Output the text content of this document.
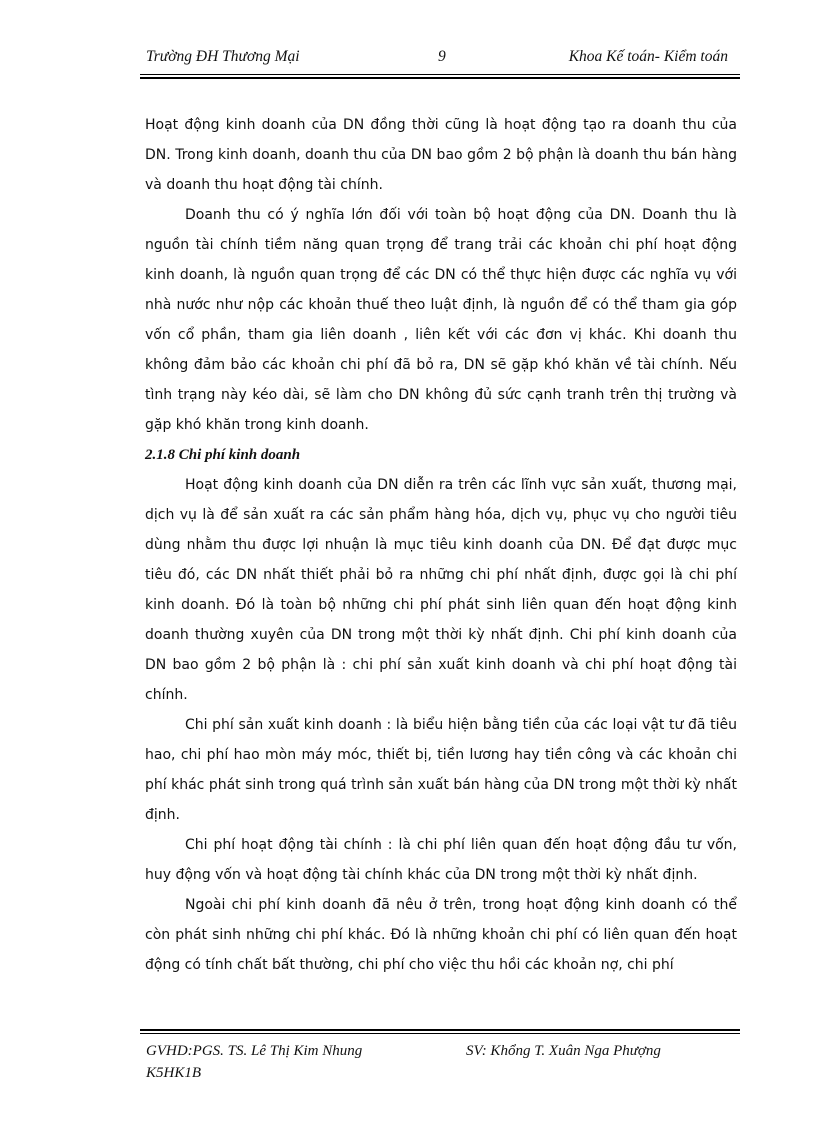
Trường ĐH Thương Mại	9	Khoa Kế toán- Kiểm toán

Hoạt động kinh doanh của DN đồng thời cũng là hoạt động tạo ra doanh thu của DN. Trong kinh doanh, doanh thu của DN bao gồm 2 bộ phận là doanh thu bán hàng và doanh thu hoạt động tài chính.

Doanh thu có ý nghĩa lớn đối với toàn bộ hoạt động của DN. Doanh thu là nguồn tài chính tiềm năng quan trọng để trang trải các khoản chi phí hoạt động kinh doanh, là nguồn quan trọng để các DN có thể thực hiện được các nghĩa vụ với nhà nước như nộp các khoản thuế theo luật định, là nguồn để có thể tham gia góp vốn cổ phần, tham gia liên doanh , liên kết với các đơn vị khác. Khi doanh thu không đảm bảo các khoản chi phí đã bỏ ra, DN sẽ gặp khó khăn về tài chính. Nếu tình trạng này kéo dài, sẽ làm cho DN không đủ sức cạnh tranh trên thị trường và gặp khó khăn trong kinh doanh.

2.1.8 Chi phí kinh doanh

Hoạt động kinh doanh của DN diễn ra trên các lĩnh vực sản xuất, thương mại, dịch vụ là để sản xuất ra các sản phẩm hàng hóa, dịch vụ, phục vụ cho người tiêu dùng nhằm thu được lợi nhuận là mục tiêu kinh doanh của DN. Để đạt được mục tiêu đó, các DN nhất thiết phải bỏ ra những chi phí nhất định, được gọi là chi phí kinh doanh. Đó là toàn bộ những chi phí phát sinh liên quan đến hoạt động kinh doanh thường xuyên của DN trong một thời kỳ nhất định. Chi phí kinh doanh của DN bao gồm 2 bộ phận là : chi phí sản xuất kinh doanh và chi phí hoạt động tài chính.

Chi phí sản xuất kinh doanh : là biểu hiện bằng tiền của các loại vật tư đã tiêu hao, chi phí hao mòn máy móc, thiết bị, tiền lương hay tiền công và các khoản chi phí khác phát sinh trong quá trình sản xuất bán hàng của DN trong một thời kỳ nhất định.

Chi phí hoạt động tài chính : là chi phí liên quan đến hoạt động đầu tư vốn, huy động vốn và hoạt động tài chính khác của DN trong một thời kỳ nhất định.

Ngoài chi phí kinh doanh đã nêu ở trên, trong hoạt động kinh doanh có thể còn phát sinh những chi phí khác. Đó là những khoản chi phí có liên quan đến hoạt động có tính chất bất thường, chi phí cho việc thu hồi các khoản nợ, chi phí

GVHD:PGS. TS. Lê Thị Kim Nhung	SV: Khổng T. Xuân Nga Phượng
K5HK1B
